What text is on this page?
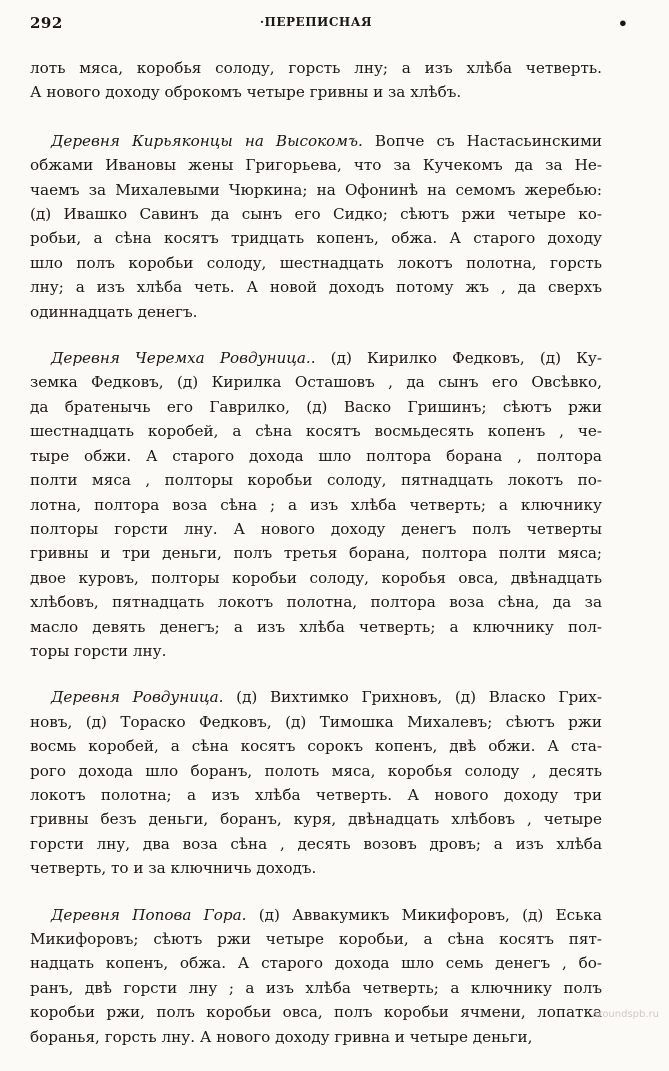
292	·ПЕРЕПИСНАЯ	•
лоть мяса, коробья солоду, горсть лну; а изъ хлѣба четверть.
А нового доходу оброкомъ четыре гривны и за хлѣбъ.
Деревня Кирьяконцы на Высокомъ. Вопче съ Настасьинскими
обжами Ивановы жены Григорьева, что за Кучекомъ да за Не-
чаемъ за Михалевыми Чюркина; на Офонинѣ на семомъ жеребью:
(д) Ивашко Савинъ да сынъ его Сидко; сѣютъ ржи четыре ко-
робьи, а сѣна косятъ тридцать копенъ, обжа. А старого доходу
шло полъ коробьи солоду, шестнадцать локотъ полотна, горсть
лну; а изъ хлѣба четь. А новой доходъ потому жъ , да сверхъ
одиннадцать денегъ.
Деревня Черемха Ровдуница.. (д) Кирилко Федковъ, (д) Ку-
земка Федковъ, (д) Кирилка Осташовъ , да сынъ его Овсѣвко,
да братенычь его Гаврилко, (д) Васко Гришинъ; сѣютъ ржи
шестнадцать коробей, а сѣна косятъ восмьдесять копенъ , че-
тыре обжи. А старого дохода шло полтора борана , полтора
полти мяса , полторы коробьи солоду, пятнадцать локотъ по-
лотна, полтора воза сѣна ; а изъ хлѣба четверть; а ключнику
полторы горсти лну. А нового доходу денегъ полъ четверты
гривны и три деньги, полъ третья борана, полтора полти мяса;
двое куровъ, полторы коробьи солоду, коробья овса, двѣнадцать
хлѣбовъ, пятнадцать локотъ полотна, полтора воза сѣна, да за
масло девять денегъ; а изъ хлѣба четверть; а ключнику пол-
торы горсти лну.
Деревня Ровдуница. (д) Вихтимко Грихновъ, (д) Власко Грих-
новъ, (д) Тораско Федковъ, (д) Тимошка Михалевъ; сѣютъ ржи
восмь коробей, а сѣна косятъ сорокъ копенъ, двѣ обжи. А ста-
рого дохода шло боранъ, полоть мяса, коробья солоду , десять
локотъ полотна; а изъ хлѣба четверть. А нового доходу три
гривны безъ деньги, боранъ, куря, двѣнадцать хлѣбовъ , четыре
горсти лну, два воза сѣна , десять возовъ дровъ; а изъ хлѣба
четверть, то и за ключничь доходъ.
Деревня Попова Гора. (д) Аввакумикъ Микифоровъ, (д) Еська
Микифоровъ; сѣютъ ржи четыре коробьи, а сѣна косятъ пят-
надцать копенъ, обжа. А старого дохода шло семь денегъ , бо-
ранъ, двѣ горсти лну ; а изъ хлѣба четверть; а ключнику полъ
коробьи ржи, полъ коробьи овса, полъ коробьи ячмени, лопатка
боранья, горсть лну. А нового доходу гривна и четыре деньги,
aroundspb.ru
